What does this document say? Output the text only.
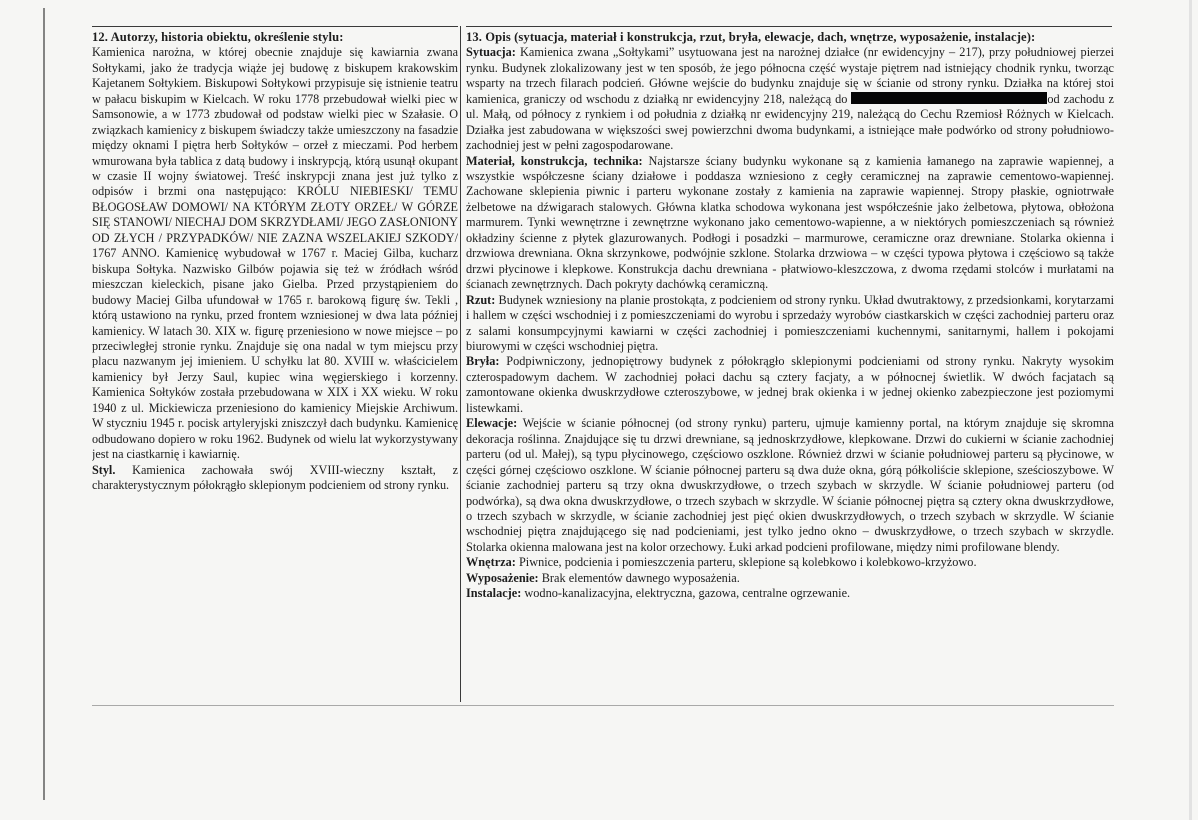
12. Autorzy, historia obiektu, określenie stylu:

Kamienica narożna, w której obecnie znajduje się kawiarnia zwana Sołtykami, jako że tradycja wiąże jej budowę z biskupem krakowskim Kajetanem Sołtykiem. Biskupowi Sołtykowi przypisuje się istnienie teatru w pałacu biskupim w Kielcach. W roku 1778 przebudował wielki piec w Samsonowie, a w 1773 zbudował od podstaw wielki piec w Szałasie. O związkach kamienicy z biskupem świadczy także umieszczony na fasadzie między oknami I piętra herb Sołtyków – orzeł z mieczami. Pod herbem wmurowana była tablica z datą budowy i inskrypcją, którą usunął okupant w czasie II wojny światowej. Treść inskrypcji znana jest już tylko z odpisów i brzmi ona następująco: KRÓLU NIEBIESKI/ TEMU BŁOGOSŁAW DOMOWI/ NA KTÓRYM ZŁOTY ORZEŁ/ W GÓRZE SIĘ STANOWI/ NIECHAJ DOM SKRZYDŁAMI/ JEGO ZASŁONIONY OD ZŁYCH / PRZYPADKÓW/ NIE ZAZNA WSZELAKIEJ SZKODY/ 1767 ANNO. Kamienicę wybudował w 1767 r. Maciej Gilba, kucharz biskupa Sołtyka. Nazwisko Gilbów pojawia się też w źródłach wśród mieszczan kieleckich, pisane jako Gielba. Przed przystąpieniem do budowy Maciej Gilba ufundował w 1765 r. barokową figurę św. Tekli , którą ustawiono na rynku, przed frontem wzniesionej w dwa lata później kamienicy. W latach 30. XIX w. figurę przeniesiono w nowe miejsce – po przeciwległej stronie rynku. Znajduje się ona nadal w tym miejscu przy placu nazwanym jej imieniem. U schyłku lat 80. XVIII w. właścicielem kamienicy był Jerzy Saul, kupiec wina węgierskiego i korzenny. Kamienica Sołtyków została przebudowana w XIX i XX wieku. W roku 1940 z ul. Mickiewicza przeniesiono do kamienicy Miejskie Archiwum. W styczniu 1945 r. pocisk artyleryjski zniszczył dach budynku. Kamienicę odbudowano dopiero w roku 1962. Budynek od wielu lat wykorzystywany jest na ciastkarnię i kawiarnię.

Styl. Kamienica zachowała swój XVIII-wieczny kształt, z charakterystycznym półokrągło sklepionym podcieniem od strony rynku.

13. Opis (sytuacja, materiał i konstrukcja, rzut, bryła, elewacje, dach, wnętrze, wyposażenie, instalacje):

Sytuacja: Kamienica zwana „Sołtykami” usytuowana jest na narożnej działce (nr ewidencyjny – 217), przy południowej pierzei rynku. Budynek zlokalizowany jest w ten sposób, że jego północna część wystaje piętrem nad istniejący chodnik rynku, tworząc wsparty na trzech filarach podcień. Główne wejście do budynku znajduje się w ścianie od strony rynku. Działka na której stoi kamienica, graniczy od wschodu z działką nr ewidencyjny 218, należącą do	od zachodu z ul. Małą, od północy z rynkiem i od południa z działką nr ewidencyjny 219, należącą do Cechu Rzemiosł Różnych w Kielcach. Działka jest zabudowana w większości swej powierzchni dwoma budynkami, a istniejące małe podwórko od strony południowo-zachodniej jest w pełni zagospodarowane.

Materiał, konstrukcja, technika: Najstarsze ściany budynku wykonane są z kamienia łamanego na zaprawie wapiennej, a wszystkie współczesne ściany działowe i poddasza wzniesiono z cegły ceramicznej na zaprawie cementowo-wapiennej. Zachowane sklepienia piwnic i parteru wykonane zostały z kamienia na zaprawie wapiennej. Stropy płaskie, ogniotrwałe żelbetowe na dźwigarach stalowych. Główna klatka schodowa wykonana jest współcześnie jako żelbetowa, płytowa, obłożona marmurem. Tynki wewnętrzne i zewnętrzne wykonano jako cementowo-wapienne, a w niektórych pomieszczeniach są również okładziny ścienne z płytek glazurowanych. Podłogi i posadzki – marmurowe, ceramiczne oraz drewniane. Stolarka okienna i drzwiowa drewniana. Okna skrzynkowe, podwójnie szklone. Stolarka drzwiowa – w części typowa płytowa i częściowo są także drzwi płycinowe i klepkowe. Konstrukcja dachu drewniana - płatwiowo-kleszczowa, z dwoma rzędami stolców i murłatami na ścianach zewnętrznych. Dach pokryty dachówką ceramiczną.

Rzut: Budynek wzniesiony na planie prostokąta, z podcieniem od strony rynku. Układ dwutraktowy, z przedsionkami, korytarzami i hallem w części wschodniej i z pomieszczeniami do wyrobu i sprzedaży wyrobów ciastkarskich w części zachodniej parteru oraz z salami konsumpcyjnymi kawiarni w części zachodniej i pomieszczeniami kuchennymi, sanitarnymi, hallem i pokojami biurowymi w części wschodniej piętra.

Bryła: Podpiwniczony, jednopiętrowy budynek z półokrągło sklepionymi podcieniami od strony rynku. Nakryty wysokim czterospadowym dachem. W zachodniej połaci dachu są cztery facjaty, a w północnej świetlik. W dwóch facjatach są zamontowane okienka dwuskrzydłowe czteroszybowe, w jednej brak okienka i w jednej okienko zabezpieczone jest poziomymi listewkami.

Elewacje: Wejście w ścianie północnej (od strony rynku) parteru, ujmuje kamienny portal, na którym znajduje się skromna dekoracja roślinna. Znajdujące się tu drzwi drewniane, są jednoskrzydłowe, klepkowane. Drzwi do cukierni w ścianie zachodniej parteru (od ul. Małej), są typu płycinowego, częściowo oszklone. Również drzwi w ścianie południowej parteru są płycinowe, w części górnej częściowo oszklone. W ścianie północnej parteru są dwa duże okna, górą półkoliście sklepione, sześcioszybowe. W ścianie zachodniej parteru są trzy okna dwuskrzydłowe, o trzech szybach w skrzydle. W ścianie południowej parteru (od podwórka), są dwa okna dwuskrzydłowe, o trzech szybach w skrzydle. W ścianie północnej piętra są cztery okna dwuskrzydłowe, o trzech szybach w skrzydle, w ścianie zachodniej jest pięć okien dwuskrzydłowych, o trzech szybach w skrzydle. W ścianie wschodniej piętra znajdującego się nad podcieniami, jest tylko jedno okno – dwuskrzydłowe, o trzech szybach w skrzydle. Stolarka okienna malowana jest na kolor orzechowy. Łuki arkad podcieni profilowane, między nimi profilowane blendy.

Wnętrza: Piwnice, podcienia i pomieszczenia parteru, sklepione są kolebkowo i kolebkowo-krzyżowo.

Wyposażenie: Brak elementów dawnego wyposażenia.

Instalacje: wodno-kanalizacyjna, elektryczna, gazowa, centralne ogrzewanie.
